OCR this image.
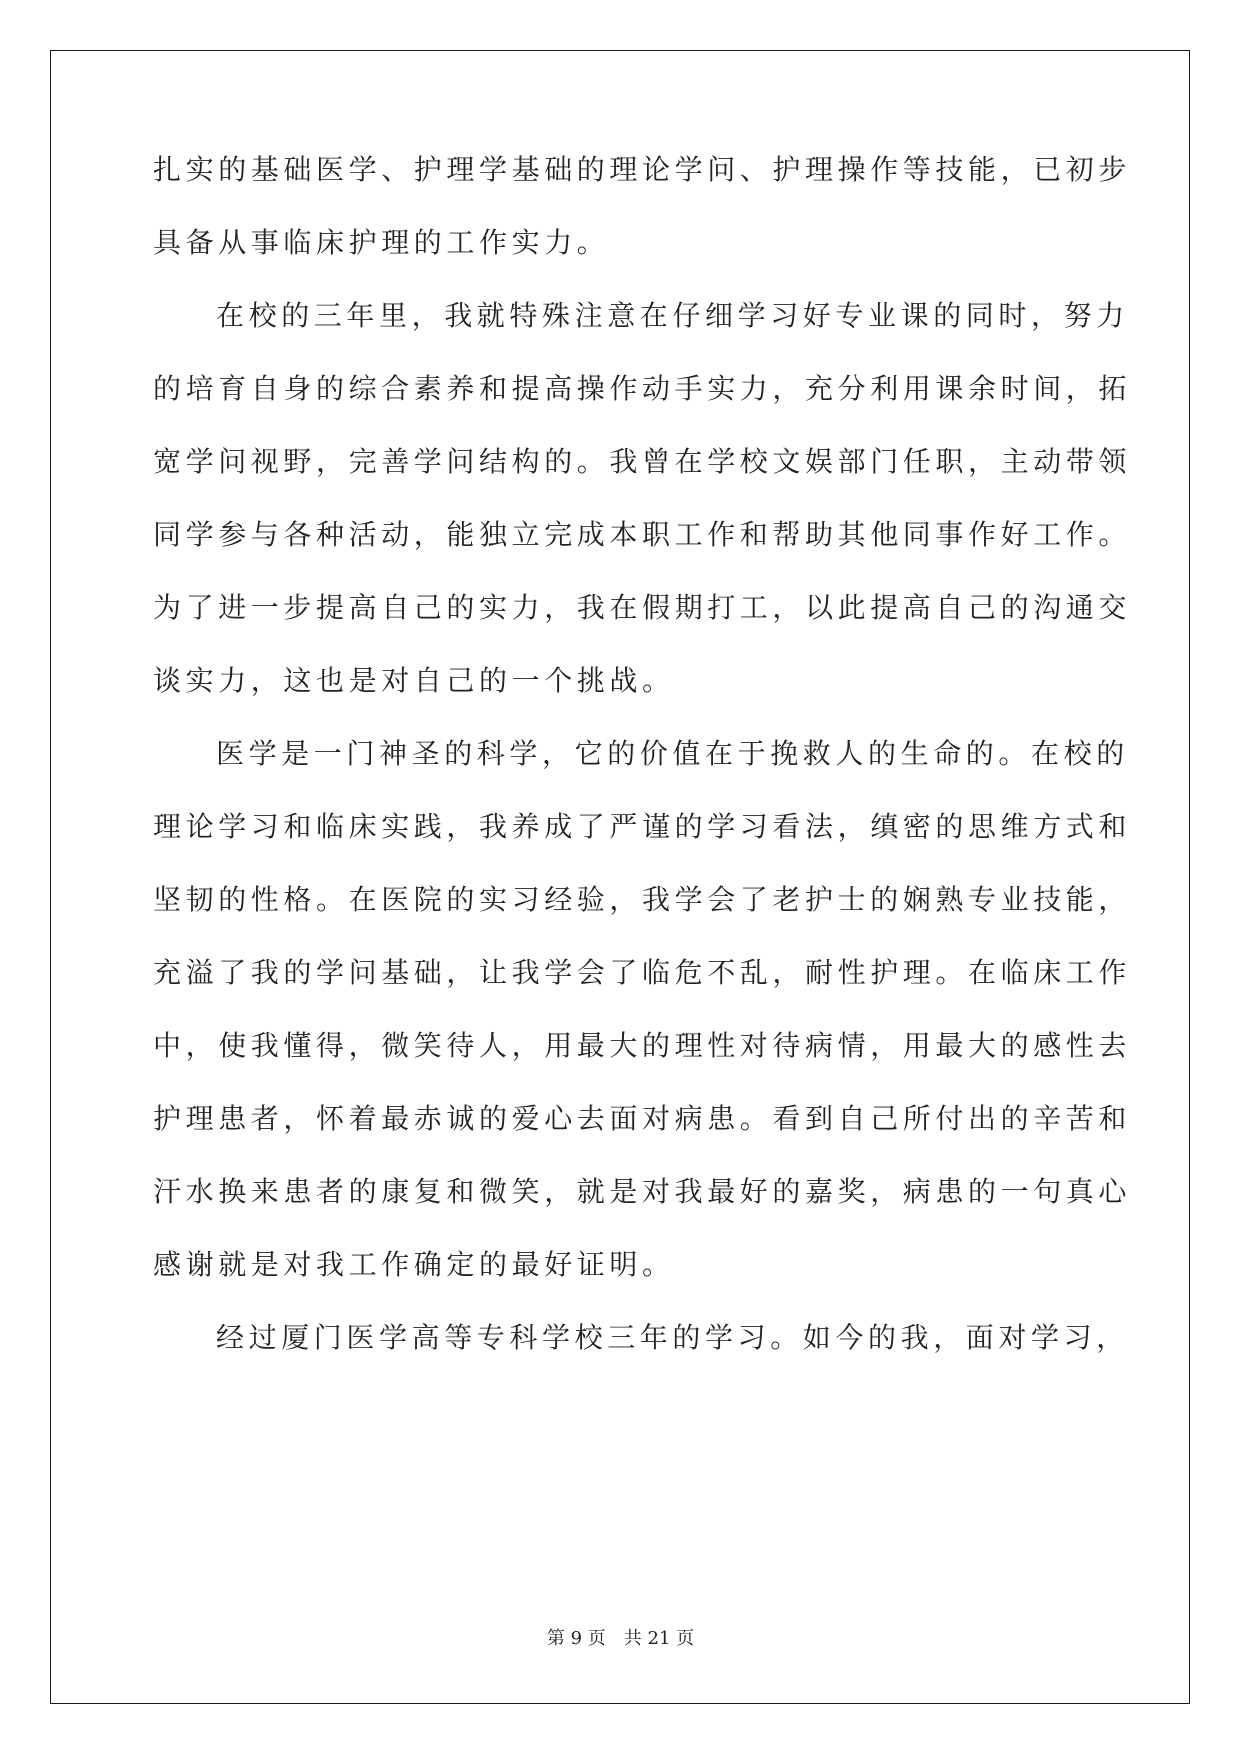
扎实的基础医学、护理学基础的理论学问、护理操作等技能，已初步
具备从事临床护理的工作实力。
在校的三年里，我就特殊注意在仔细学习好专业课的同时，努力
的培育自身的综合素养和提高操作动手实力，充分利用课余时间，拓
宽学问视野，完善学问结构的。我曾在学校文娱部门任职，主动带领
同学参与各种活动，能独立完成本职工作和帮助其他同事作好工作。
为了进一步提高自己的实力，我在假期打工，以此提高自己的沟通交
谈实力，这也是对自己的一个挑战。
医学是一门神圣的科学，它的价值在于挽救人的生命的。在校的
理论学习和临床实践，我养成了严谨的学习看法，缜密的思维方式和
坚韧的性格。在医院的实习经验，我学会了老护士的娴熟专业技能，
充溢了我的学问基础，让我学会了临危不乱，耐性护理。在临床工作
中，使我懂得，微笑待人，用最大的理性对待病情，用最大的感性去
护理患者，怀着最赤诚的爱心去面对病患。看到自己所付出的辛苦和
汗水换来患者的康复和微笑，就是对我最好的嘉奖，病患的一句真心
感谢就是对我工作确定的最好证明。
经过厦门医学高等专科学校三年的学习。如今的我，面对学习，
第 9 页 共 21 页
